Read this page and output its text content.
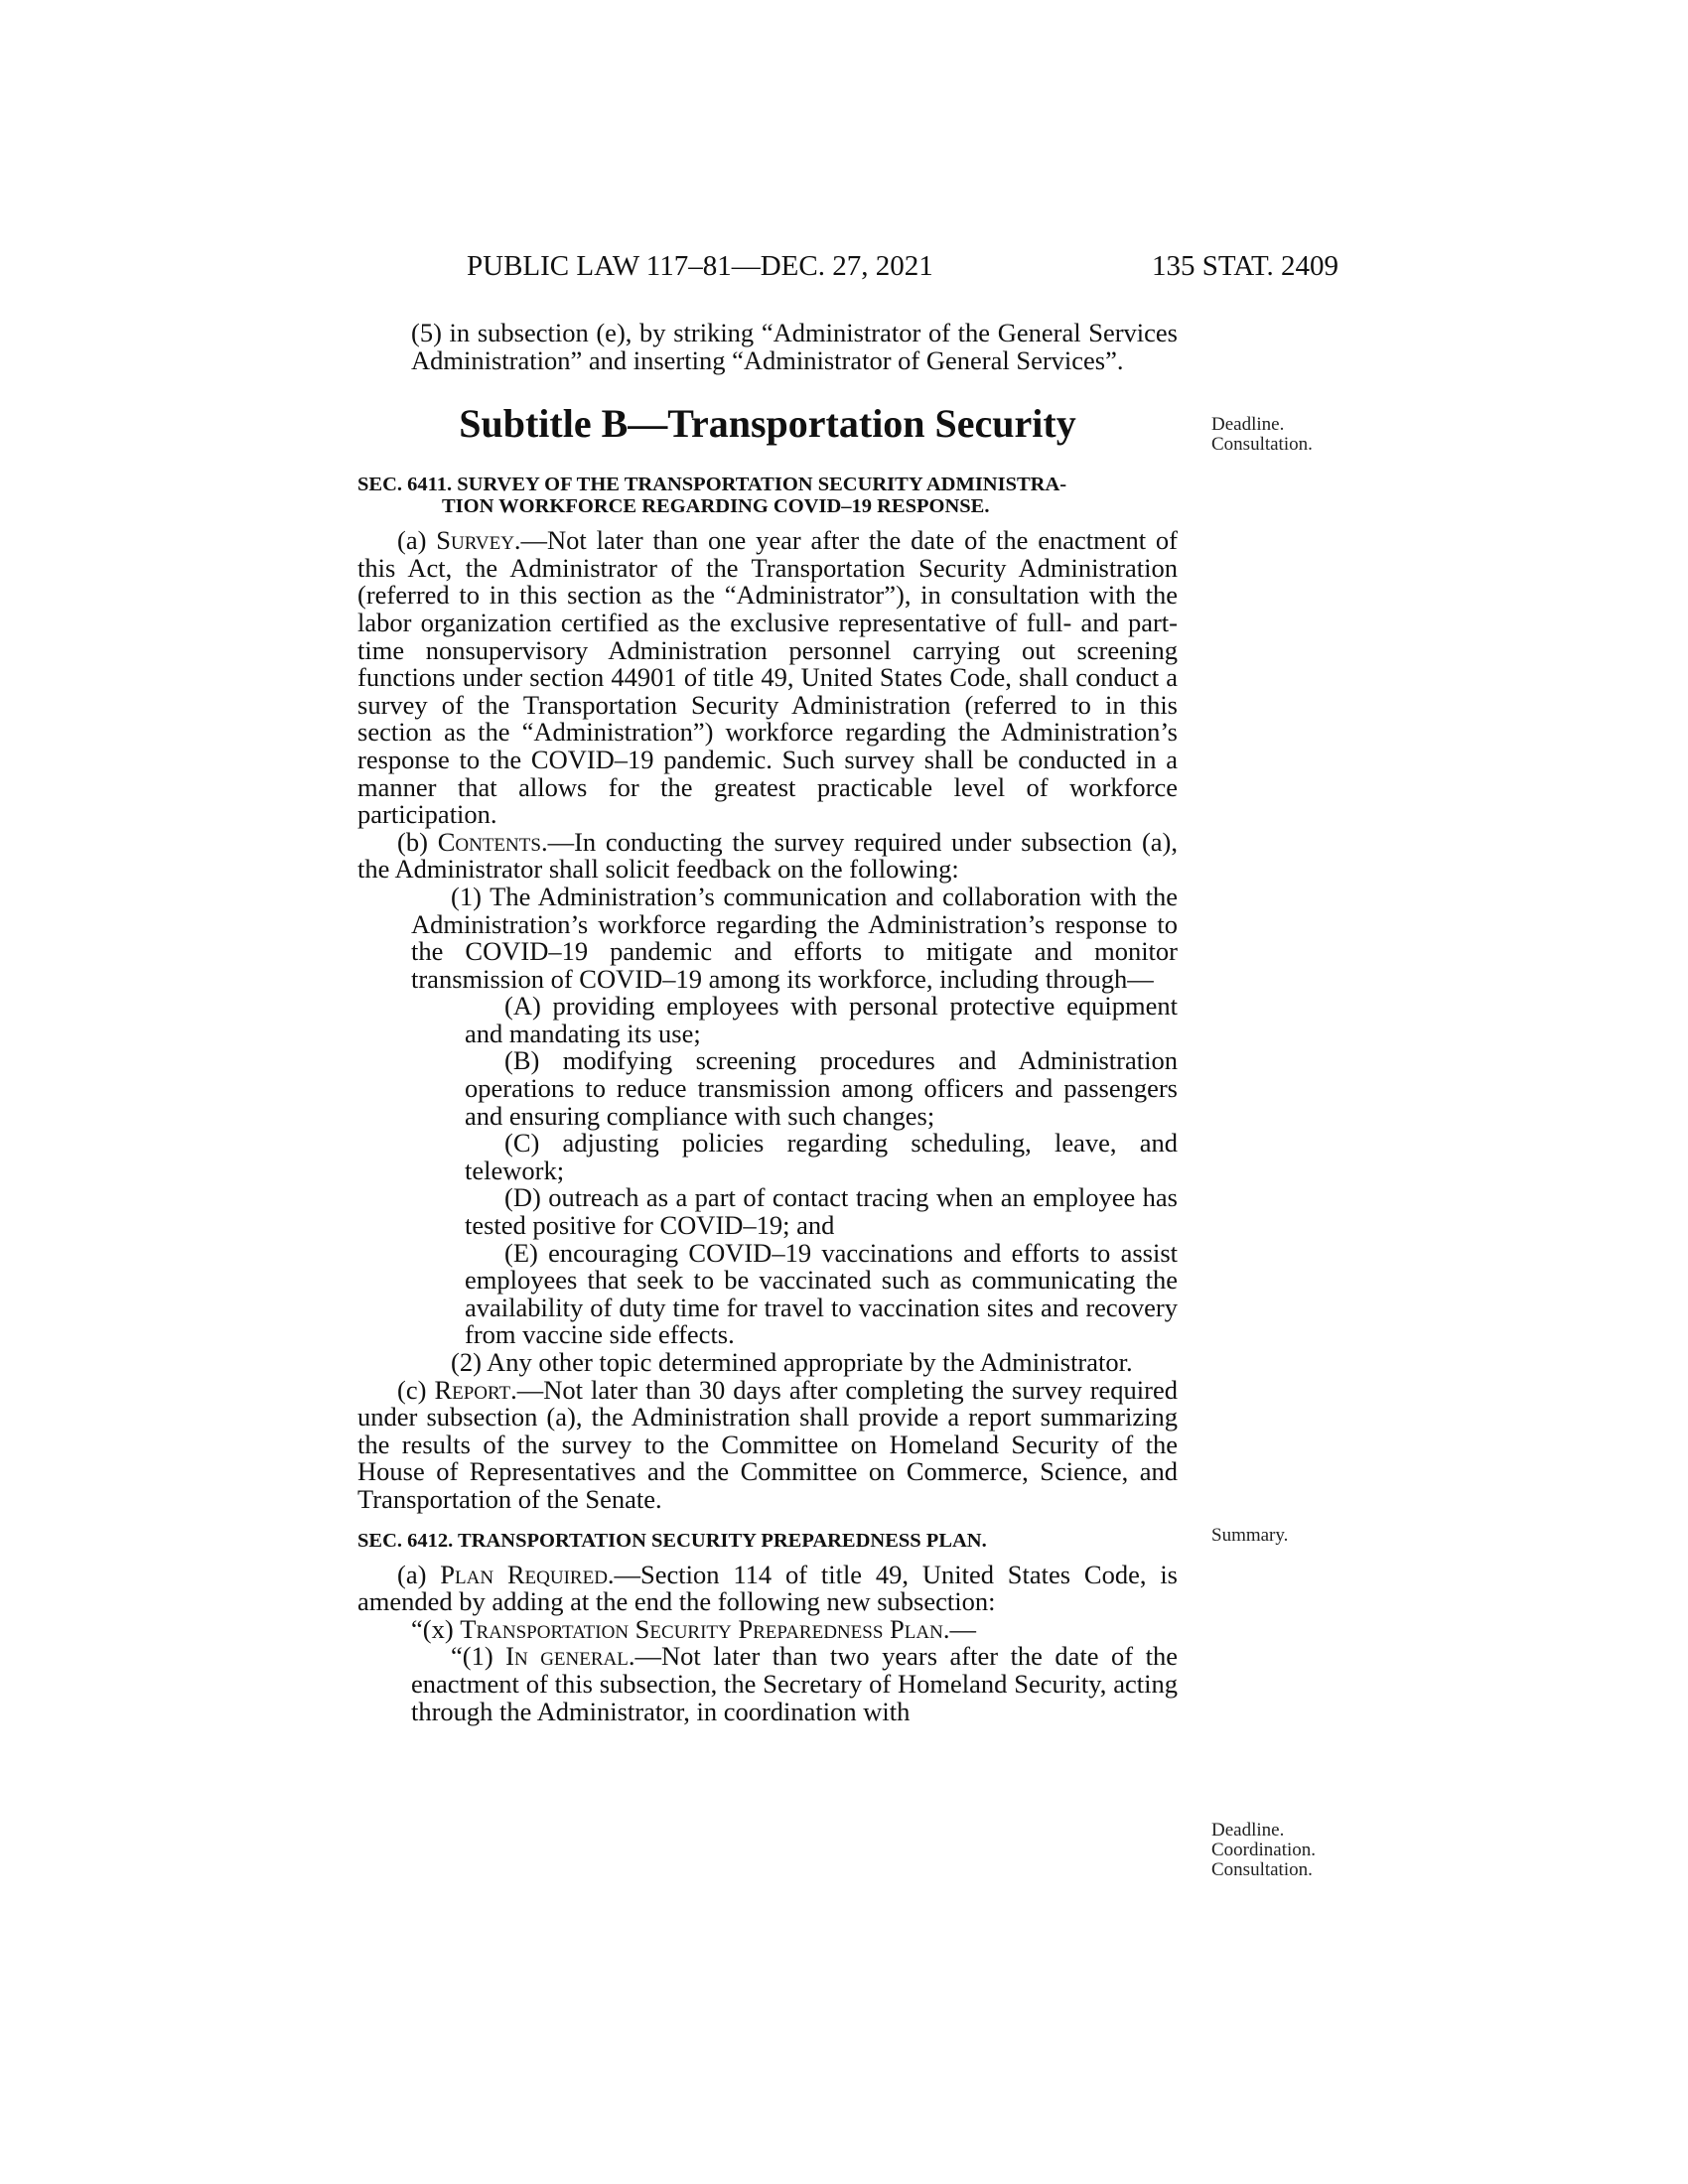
PUBLIC LAW 117–81—DEC. 27, 2021	135 STAT. 2409

(5) in subsection (e), by striking “Administrator of the General Services Administration” and inserting “Administrator of General Services”.

Subtitle B—Transportation Security

SEC. 6411. SURVEY OF THE TRANSPORTATION SECURITY ADMINISTRA-
TION WORKFORCE REGARDING COVID–19 RESPONSE.

(a) Survey.—Not later than one year after the date of the enactment of this Act, the Administrator of the Transportation Security Administration (referred to in this section as the “Administrator”), in consultation with the labor organization certified as the exclusive representative of full- and part-time nonsupervisory Administration personnel carrying out screening functions under section 44901 of title 49, United States Code, shall conduct a survey of the Transportation Security Administration (referred to in this section as the “Administration”) workforce regarding the Administration’s response to the COVID–19 pandemic. Such survey shall be conducted in a manner that allows for the greatest practicable level of workforce participation.

(b) Contents.—In conducting the survey required under subsection (a), the Administrator shall solicit feedback on the following:

(1) The Administration’s communication and collaboration with the Administration’s workforce regarding the Administration’s response to the COVID–19 pandemic and efforts to mitigate and monitor transmission of COVID–19 among its workforce, including through—

(A) providing employees with personal protective equipment and mandating its use;

(B) modifying screening procedures and Administration operations to reduce transmission among officers and passengers and ensuring compliance with such changes;

(C) adjusting policies regarding scheduling, leave, and telework;

(D) outreach as a part of contact tracing when an employee has tested positive for COVID–19; and

(E) encouraging COVID–19 vaccinations and efforts to assist employees that seek to be vaccinated such as communicating the availability of duty time for travel to vaccination sites and recovery from vaccine side effects.

(2) Any other topic determined appropriate by the Administrator.

(c) Report.—Not later than 30 days after completing the survey required under subsection (a), the Administration shall provide a report summarizing the results of the survey to the Committee on Homeland Security of the House of Representatives and the Committee on Commerce, Science, and Transportation of the Senate.

SEC. 6412. TRANSPORTATION SECURITY PREPAREDNESS PLAN.

(a) Plan Required.—Section 114 of title 49, United States Code, is amended by adding at the end the following new subsection:

“(x) Transportation Security Preparedness Plan.—

“(1) In general.—Not later than two years after the date of the enactment of this subsection, the Secretary of Homeland Security, acting through the Administrator, in coordination with

Deadline.
Consultation.
Summary.
Deadline.
Coordination.
Consultation.
